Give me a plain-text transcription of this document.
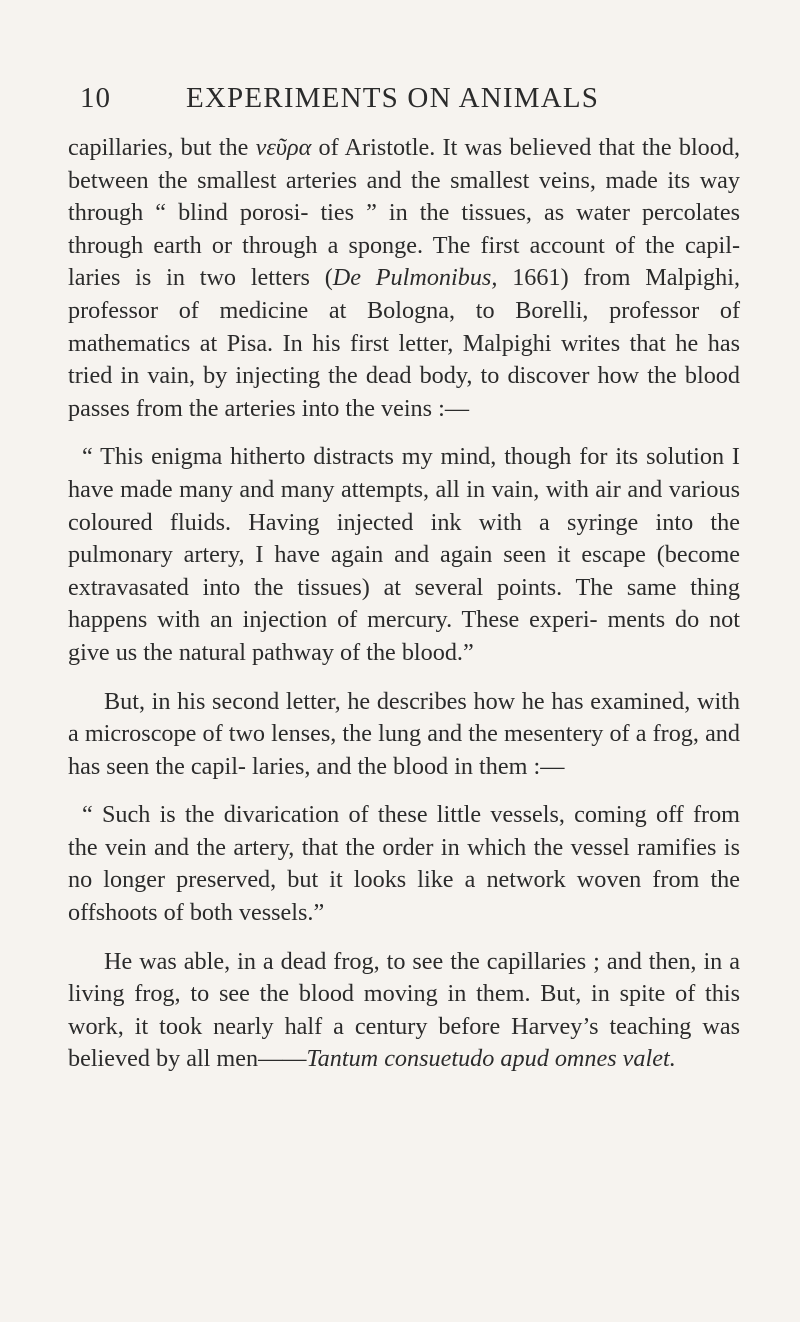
10	EXPERIMENTS ON ANIMALS

capillaries, but the νεῦρα of Aristotle. It was believed that the blood, between the smallest arteries and the smallest veins, made its way through “ blind porosi- ties ” in the tissues, as water percolates through earth or through a sponge. The first account of the capil- laries is in two letters (De Pulmonibus, 1661) from Malpighi, professor of medicine at Bologna, to Borelli, professor of mathematics at Pisa. In his first letter, Malpighi writes that he has tried in vain, by injecting the dead body, to discover how the blood passes from the arteries into the veins :—

“ This enigma hitherto distracts my mind, though for its solution I have made many and many attempts, all in vain, with air and various coloured fluids. Having injected ink with a syringe into the pulmonary artery, I have again and again seen it escape (become extravasated into the tissues) at several points. The same thing happens with an injection of mercury. These experi- ments do not give us the natural pathway of the blood.”

But, in his second letter, he describes how he has examined, with a microscope of two lenses, the lung and the mesentery of a frog, and has seen the capil- laries, and the blood in them :—

“ Such is the divarication of these little vessels, coming off from the vein and the artery, that the order in which the vessel ramifies is no longer preserved, but it looks like a network woven from the offshoots of both vessels.”

He was able, in a dead frog, to see the capillaries ; and then, in a living frog, to see the blood moving in them. But, in spite of this work, it took nearly half a century before Harvey’s teaching was believed by all men——Tantum consuetudo apud omnes valet.
